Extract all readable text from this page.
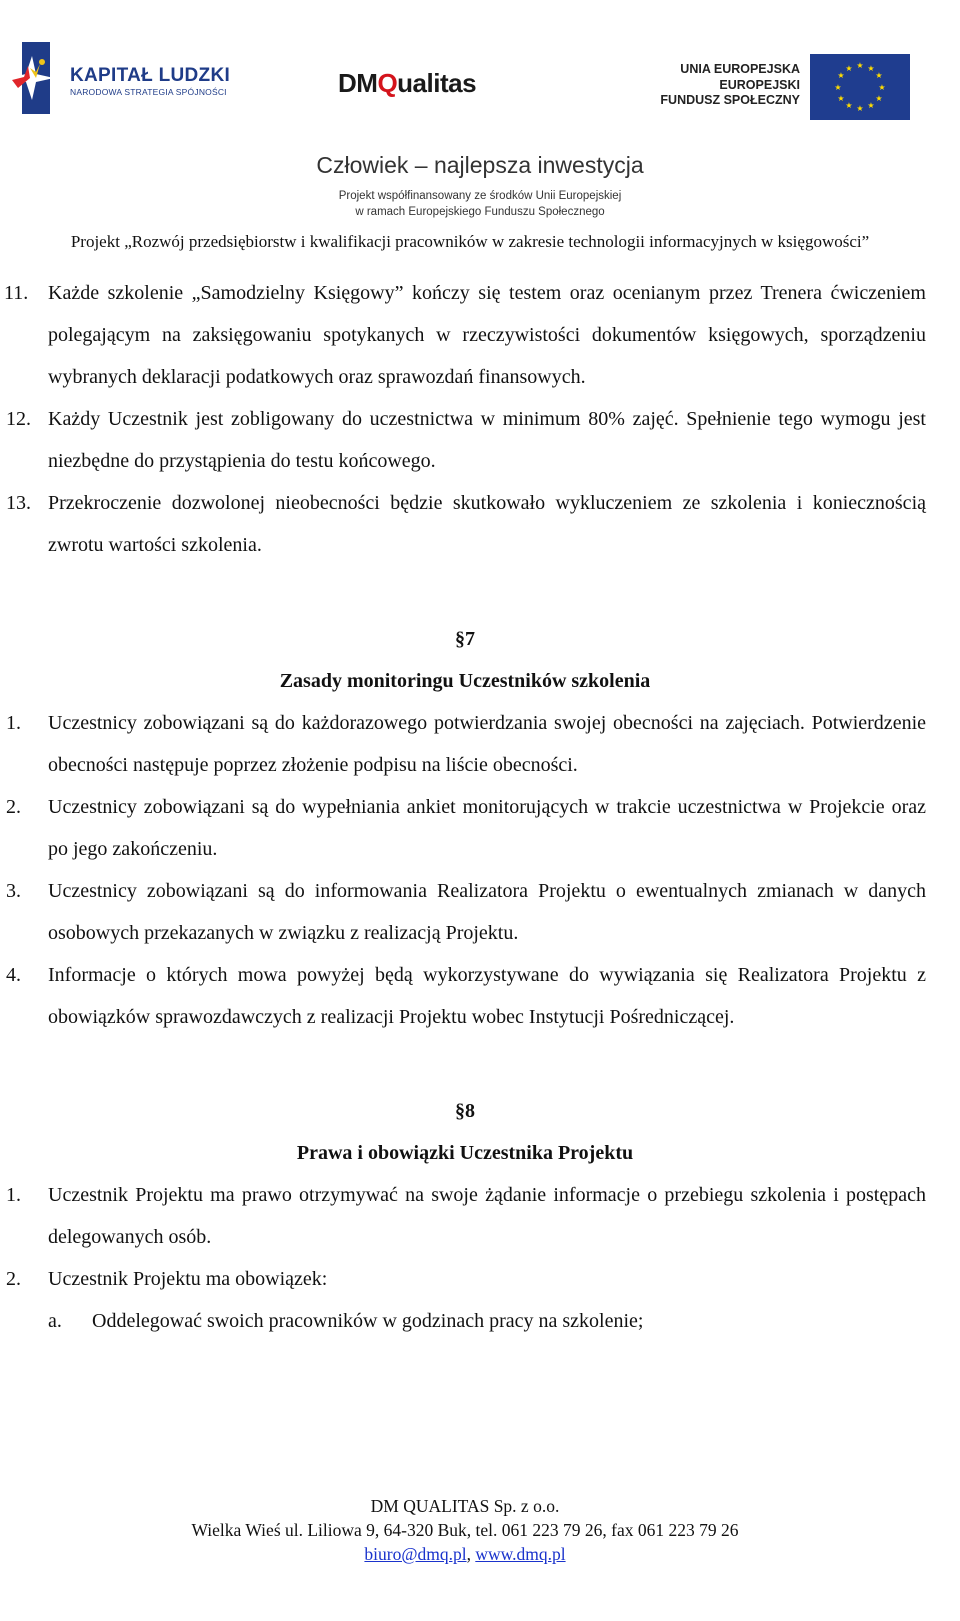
KAPITAŁ LUDZKI
NARODOWA STRATEGIA SPÓJNOŚCI	DMQualitas	UNIA EUROPEJSKA
EUROPEJSKI
FUNDUSZ SPOŁECZNY
★ ★
★
★
★
★
★
★
★
★
★
★
Człowiek – najlepsza inwestycja
Projekt współfinansowany ze środków Unii Europejskiej
w ramach Europejskiego Funduszu Społecznego
Projekt „Rozwój przedsiębiorstw i kwalifikacji pracowników w zakresie technologii informacyjnych w księgowości”

11. Każde szkolenie „Samodzielny Księgowy” kończy się testem oraz ocenianym przez Trenera ćwiczeniem polegającym na zaksięgowaniu spotykanych w rzeczywistości dokumentów księgowych, sporządzeniu wybranych deklaracji podatkowych oraz sprawozdań finansowych.

12. Każdy Uczestnik jest zobligowany do uczestnictwa w minimum 80% zajęć. Spełnienie tego wymogu jest niezbędne do przystąpienia do testu końcowego.

13. Przekroczenie dozwolonej nieobecności będzie skutkowało wykluczeniem ze szkolenia i koniecznością zwrotu wartości szkolenia.

§7

Zasady monitoringu Uczestników szkolenia

1. Uczestnicy zobowiązani są do każdorazowego potwierdzania swojej obecności na zajęciach. Potwierdzenie obecności następuje poprzez złożenie podpisu na liście obecności.

2. Uczestnicy zobowiązani są do wypełniania ankiet monitorujących w trakcie uczestnictwa w Projekcie oraz po jego zakończeniu.

3. Uczestnicy zobowiązani są do informowania Realizatora Projektu o ewentualnych zmianach w danych osobowych przekazanych w związku z realizacją Projektu.

4. Informacje o których mowa powyżej będą wykorzystywane do wywiązania się Realizatora Projektu z obowiązków sprawozdawczych z realizacji Projektu wobec Instytucji Pośredniczącej.

§8

Prawa i obowiązki Uczestnika Projektu

1. Uczestnik Projektu ma prawo otrzymywać na swoje żądanie informacje o przebiegu szkolenia i postępach delegowanych osób.

2. Uczestnik Projektu ma obowiązek:

a. Oddelegować swoich pracowników w godzinach pracy na szkolenie;

DM QUALITAS Sp. z o.o.
Wielka Wieś ul. Liliowa 9, 64-320 Buk, tel. 061 223 79 26, fax 061 223 79 26
biuro@dmq.pl, www.dmq.pl
